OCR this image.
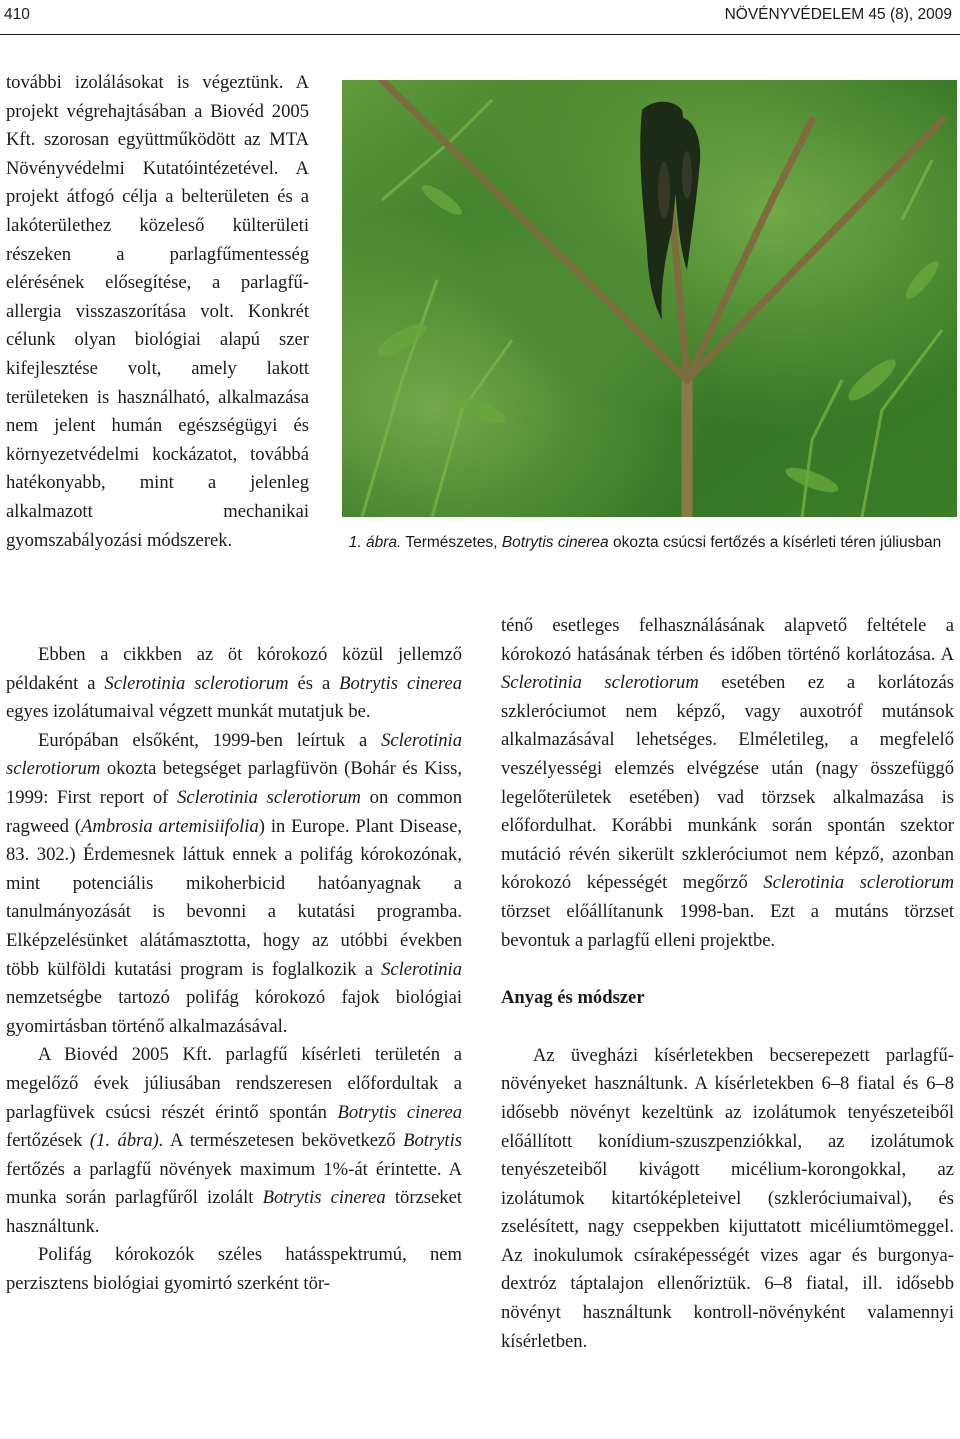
410	NÖVÉNYVÉDELEM 45 (8), 2009

további izolálásokat is végeztünk. A projekt végrehajtásában a Biovéd 2005 Kft. szorosan együttműködött az MTA Növényvédelmi Kutatóintézetével. A projekt átfogó célja a belterületen és a lakóterülethez közeleső külterületi részeken a parlagfűmentesség elérésének elősegítése, a parlagfű-allergia visszaszorítása volt. Konkrét célunk olyan biológiai alapú szer kifejlesztése volt, amely lakott területeken is használható, alkalmazása nem jelent humán egészségügyi és környezetvédelmi kockázatot, továbbá hatékonyabb, mint a jelenleg alkalmazott mechanikai gyomszabályozási módszerek.	1. ábra. Természetes, Botrytis cinerea okozta csúcsi fertőzés a kísérleti téren júliusban

Ebben a cikkben az öt kórokozó közül jellemző példaként a Sclerotinia sclerotiorum és a Botrytis cinerea egyes izolátumaival végzett munkát mutatjuk be.

Európában elsőként, 1999-ben leírtuk a Sclerotinia sclerotiorum okozta betegséget parlagfüvön (Bohár és Kiss, 1999: First report of Sclerotinia sclerotiorum on common ragweed (Ambrosia artemisiifolia) in Europe. Plant Disease, 83. 302.) Érdemesnek láttuk ennek a polifág kórokozónak, mint potenciális mikoherbicid hatóanyagnak a tanulmányozását is bevonni a kutatási programba. Elképzelésünket alátámasztotta, hogy az utóbbi években több külföldi kutatási program is foglalkozik a Sclerotinia nemzetségbe tartozó polifág kórokozó fajok biológiai gyomirtásban történő alkalmazásával.

A Biovéd 2005 Kft. parlagfű kísérleti területén a megelőző évek júliusában rendszeresen előfordultak a parlagfüvek csúcsi részét érintő spontán Botrytis cinerea fertőzések (1. ábra). A természetesen bekövetkező Botrytis fertőzés a parlagfű növények maximum 1%-át érintette. A munka során parlagfűről izolált Botrytis cinerea törzseket használtunk.

Polifág kórokozók széles hatásspektrumú, nem perzisztens biológiai gyomirtó szerként tör-

ténő esetleges felhasználásának alapvető feltétele a kórokozó hatásának térben és időben történő korlátozása. A Sclerotinia sclerotiorum esetében ez a korlátozás szkleróciumot nem képző, vagy auxotróf mutánsok alkalmazásával lehetséges. Elméletileg, a megfelelő veszélyességi elemzés elvégzése után (nagy összefüggő legelőterületek esetében) vad törzsek alkalmazása is előfordulhat. Korábbi munkánk során spontán szektor mutáció révén sikerült szkleróciumot nem képző, azonban kórokozó képességét megőrző Sclerotinia sclerotiorum törzset előállítanunk 1998-ban. Ezt a mutáns törzset bevontuk a parlagfű elleni projektbe.

Anyag és módszer

Az üvegházi kísérletekben becserepezett parlagfű-növényeket használtunk. A kísérletekben 6–8 fiatal és 6–8 idősebb növényt kezeltünk az izolátumok tenyészeteiből előállított konídium-szuszpenziókkal, az izolátumok tenyészeteiből kivágott micélium-korongokkal, az izolátumok kitartóképleteivel (szkleróciumaival), és zselésített, nagy cseppekben kijuttatott micéliumtömeggel. Az inokulumok csíraképességét vizes agar és burgonya-dextróz táptalajon ellenőriztük. 6–8 fiatal, ill. idősebb növényt használtunk kontroll-növényként valamennyi kísérletben.
